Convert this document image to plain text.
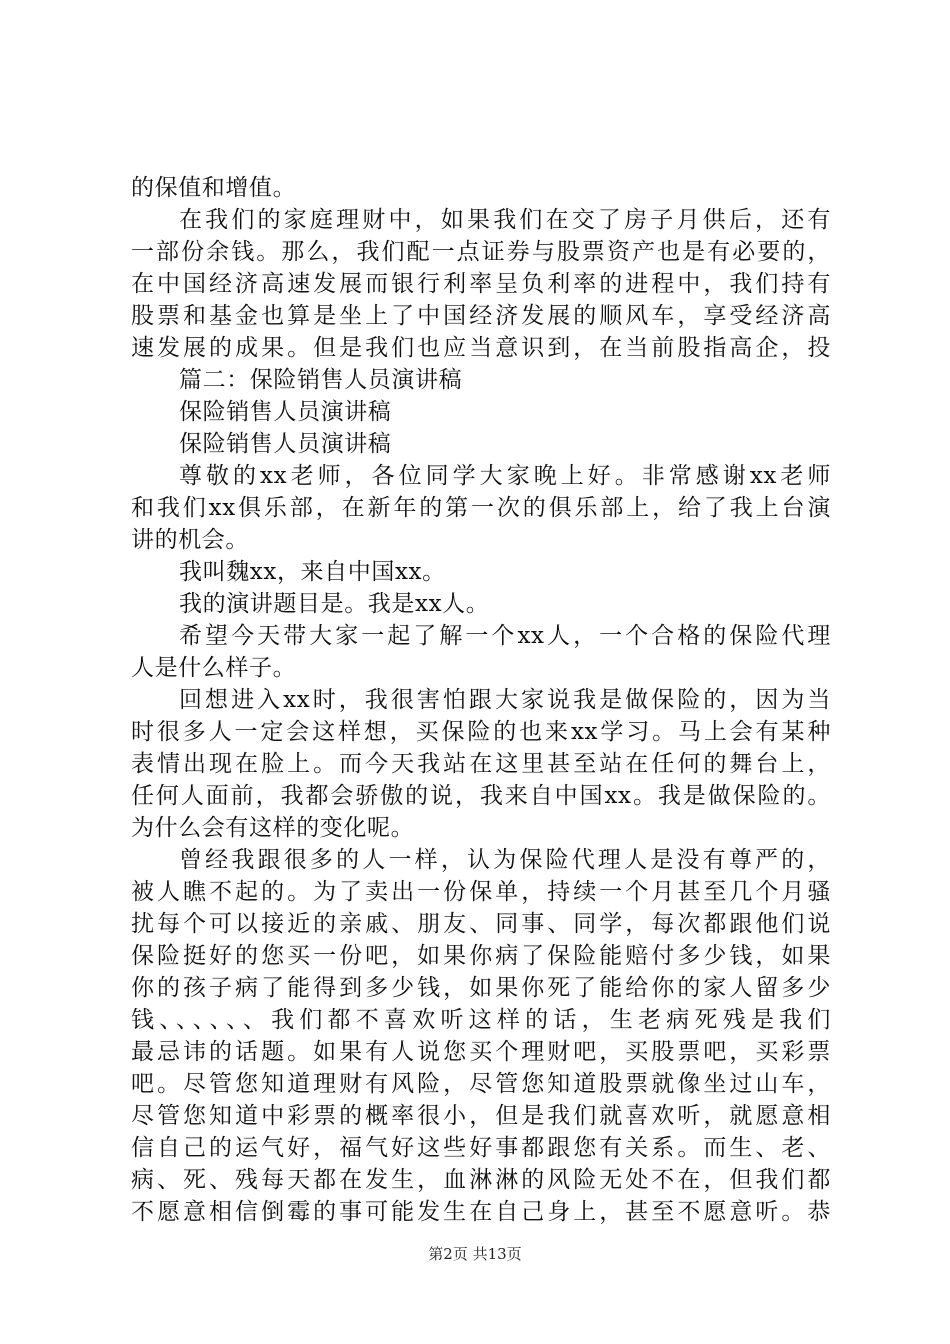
的保值和增值。
在我们的家庭理财中，如果我们在交了房子月供后，还有
一部份余钱。那么，我们配一点证券与股票资产也是有必要的，
在中国经济高速发展而银行利率呈负利率的进程中，我们持有
股票和基金也算是坐上了中国经济发展的顺风车，享受经济高
速发展的成果。但是我们也应当意识到，在当前股指高企，投
篇二：保险销售人员演讲稿
保险销售人员演讲稿
保险销售人员演讲稿
尊敬的xx老师，各位同学大家晚上好。非常感谢xx老师
和我们xx俱乐部，在新年的第一次的俱乐部上，给了我上台演
讲的机会。
我叫魏xx，来自中国xx。
我的演讲题目是。我是xx人。
希望今天带大家一起了解一个xx人，一个合格的保险代理
人是什么样子。
回想进入xx时，我很害怕跟大家说我是做保险的，因为当
时很多人一定会这样想，买保险的也来xx学习。马上会有某种
表情出现在脸上。而今天我站在这里甚至站在任何的舞台上，
任何人面前，我都会骄傲的说，我来自中国xx。我是做保险的。
为什么会有这样的变化呢。
曾经我跟很多的人一样，认为保险代理人是没有尊严的，
被人瞧不起的。为了卖出一份保单，持续一个月甚至几个月骚
扰每个可以接近的亲戚、朋友、同事、同学，每次都跟他们说
保险挺好的您买一份吧，如果你病了保险能赔付多少钱，如果
你的孩子病了能得到多少钱，如果你死了能给你的家人留多少
钱、、、、、、我们都不喜欢听这样的话，生老病死残是我们
最忌讳的话题。如果有人说您买个理财吧，买股票吧，买彩票
吧。尽管您知道理财有风险，尽管您知道股票就像坐过山车，
尽管您知道中彩票的概率很小，但是我们就喜欢听，就愿意相
信自己的运气好，福气好这些好事都跟您有关系。而生、老、
病、死、残每天都在发生，血淋淋的风险无处不在，但我们都
不愿意相信倒霉的事可能发生在自己身上，甚至不愿意听。恭
第2页 共13页
